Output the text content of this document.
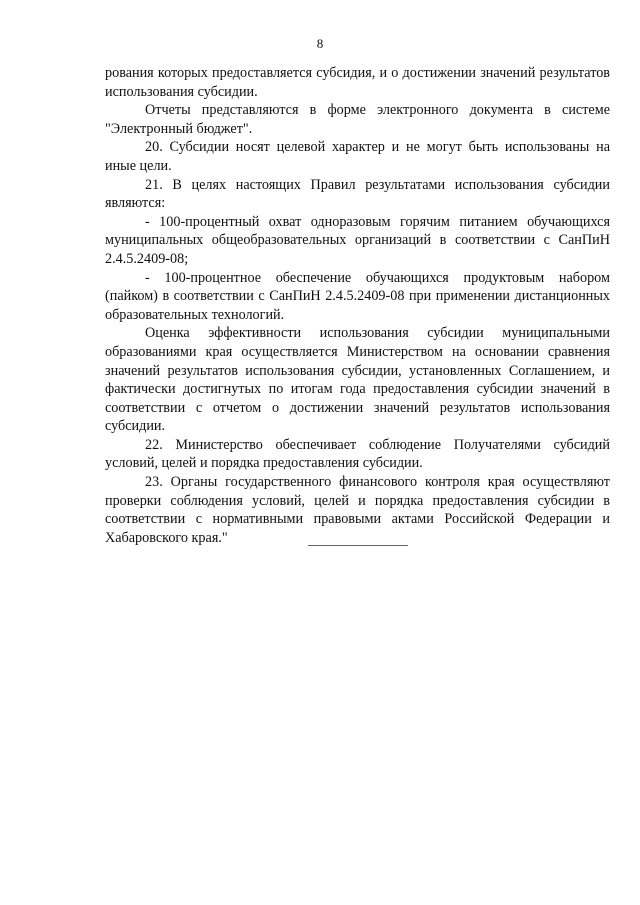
8

рования которых предоставляется субсидия, и о достижении значений результатов использования субсидии.

Отчеты представляются в форме электронного документа в системе "Электронный бюджет".

20. Субсидии носят целевой характер и не могут быть использованы на иные цели.

21. В целях настоящих Правил результатами использования субсидии являются:

- 100-процентный охват одноразовым горячим питанием обучающихся муниципальных общеобразовательных организаций в соответствии с СанПиН 2.4.5.2409-08;

- 100-процентное обеспечение обучающихся продуктовым набором (пайком) в соответствии с СанПиН 2.4.5.2409-08 при применении дистанционных образовательных технологий.

Оценка эффективности использования субсидии муниципальными образованиями края осуществляется Министерством на основании сравнения значений результатов использования субсидии, установленных Соглашением, и фактически достигнутых по итогам года предоставления субсидии значений в соответствии с отчетом о достижении значений результатов использования субсидии.

22. Министерство обеспечивает соблюдение Получателями субсидий условий, целей и порядка предоставления субсидии.

23. Органы государственного финансового контроля края осуществляют проверки соблюдения условий, целей и порядка предоставления субсидии в соответствии с нормативными правовыми актами Российской Федерации и Хабаровского края."
